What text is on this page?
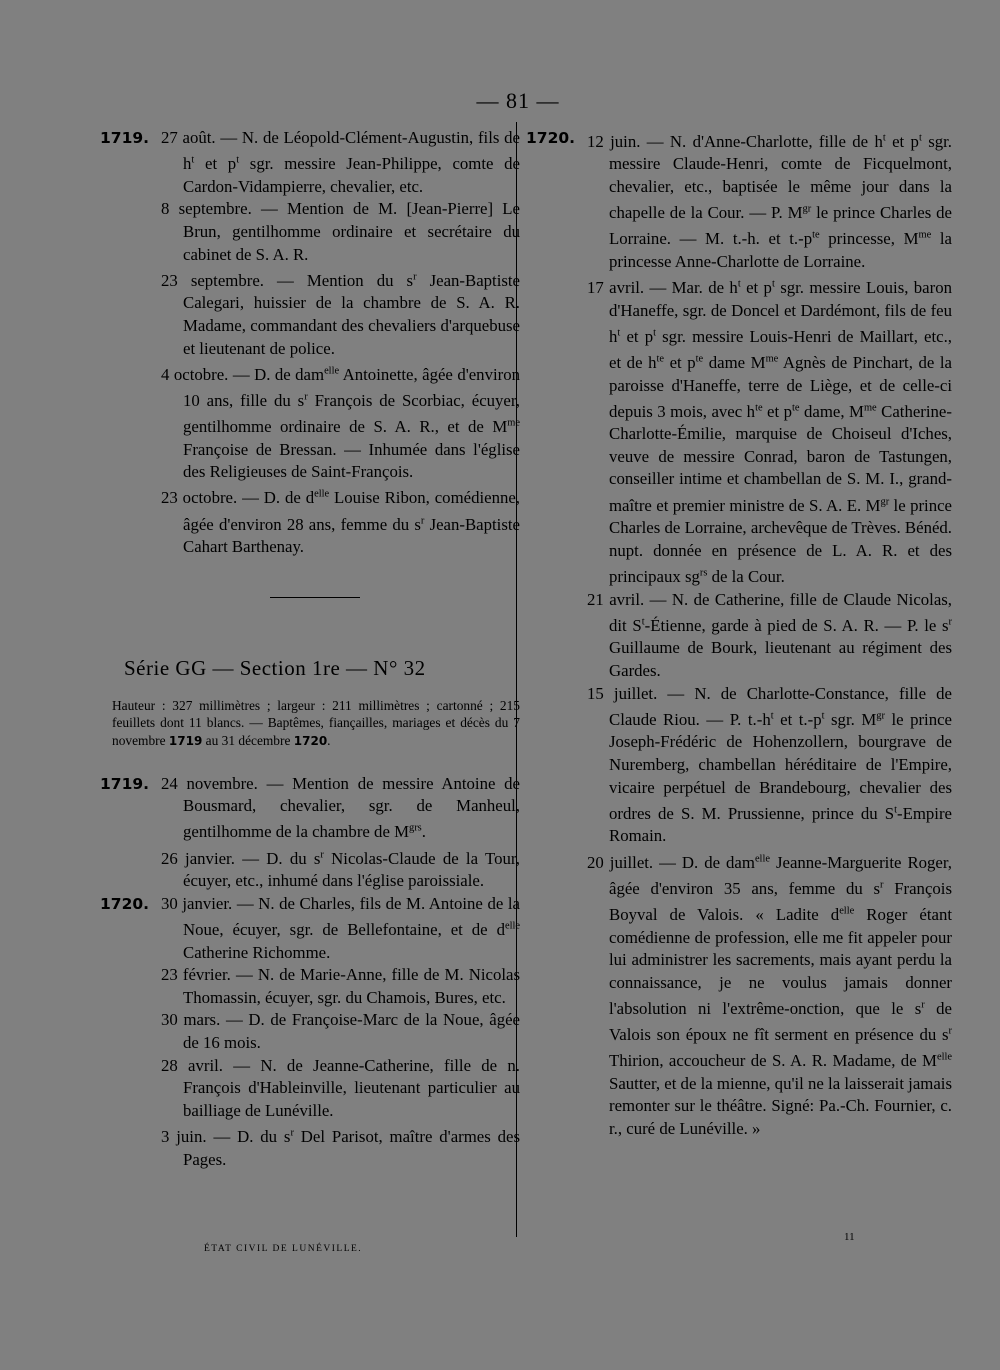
— 81 —
1719. 27 août. — N. de Léopold-Clément-Augustin, fils de $h^t$ et $p^t$ sgr. messire Jean-Philippe, comte de Cardon-Vidampierre, chevalier, etc.
8 septembre. — Mention de M. [Jean-Pierre] Le Brun, gentilhomme ordinaire et secrétaire du cabinet de S. A. R.
23 septembre. — Mention du $s^r$ Jean-Baptiste Calegari, huissier de la chambre de S. A. R. Madame, commandant des chevaliers d'arquebuse et lieutenant de police.
4 octobre. — D. de dam$^{elle}$ Antoinette, âgée d'environ 10 ans, fille du $s^r$ François de Scorbiac, écuyer, gentilhomme ordinaire de S. A. R., et de $M^{me}$ Françoise de Bressan. — Inhumée dans l'église des Religieuses de Saint-François.
23 octobre. — D. de $d^{elle}$ Louise Ribon, comédienne, âgée d'environ 28 ans, femme du $s^r$ Jean-Baptiste Cahart Barthenay.
Série GG — Section 1re — N° 32
Hauteur : 327 millimètres ; largeur : 211 millimètres ; cartonné ; 215 feuillets dont 11 blancs. — Baptêmes, fiançailles, mariages et décès du 7 novembre 1719 au 31 décembre 1720.
1719. 24 novembre. — Mention de messire Antoine de Bousmard, chevalier, sgr. de Manheul, gentilhomme de la chambre de $M^{grs}$.
26 janvier. — D. du $s^r$ Nicolas-Claude de la Tour, écuyer, etc., inhumé dans l'église paroissiale.
1720. 30 janvier. — N. de Charles, fils de M. Antoine de la Noue, écuyer, sgr. de Bellefontaine, et de $d^{elle}$ Catherine Richomme.
23 février. — N. de Marie-Anne, fille de M. Nicolas Thomassin, écuyer, sgr. du Chamois, Bures, etc.
30 mars. — D. de Françoise-Marc de la Noue, âgée de 16 mois.
28 avril. — N. de Jeanne-Catherine, fille de n. François d'Hableinville, lieutenant particulier au bailliage de Lunéville.
3 juin. — D. du $s^r$ Del Parisot, maître d'armes des Pages.
1720. 12 juin. — N. d'Anne-Charlotte, fille de $h^t$ et $p^t$ sgr. messire Claude-Henri, comte de Ficquelmont, chevalier, etc., baptisée le même jour dans la chapelle de la Cour. — P. $M^{gr}$ le prince Charles de Lorraine. — M. t.-h. et $t.-p^{te}$ princesse, $M^{me}$ la princesse Anne-Charlotte de Lorraine.
17 avril. — Mar. de $h^t$ et $p^t$ sgr. messire Louis, baron d'Haneffe, sgr. de Doncel et Dardémont, fils de feu $h^t$ et $p^t$ sgr. messire Louis-Henri de Maillart, etc., et de $h^{te}$ et $p^{te}$ dame $M^{me}$ Agnès de Pinchart, de la paroisse d'Haneffe, terre de Liège, et de celle-ci depuis 3 mois, avec $h^{te}$ et $p^{te}$ dame, $M^{me}$ Catherine-Charlotte-Émilie, marquise de Choiseul d'Iches, veuve de messire Conrad, baron de Tastungen, conseiller intime et chambellan de S. M. I., grand-maître et premier ministre de S. A. E. $M^{gr}$ le prince Charles de Lorraine, archevêque de Trèves. Bénéd. nupt. donnée en présence de L. A. R. et des principaux $sg^{rs}$ de la Cour.
21 avril. — N. de Catherine, fille de Claude Nicolas, dit $S^t$-Étienne, garde à pied de S. A. R. — P. le $s^r$ Guillaume de Bourk, lieutenant au régiment des Gardes.
15 juillet. — N. de Charlotte-Constance, fille de Claude Riou. — P. $t.-h^t$ et $t.-p^t$ sgr. $M^{gr}$ le prince Joseph-Frédéric de Hohenzollern, bourgrave de Nuremberg, chambellan héréditaire de l'Empire, vicaire perpétuel de Brandebourg, chevalier des ordres de S. M. Prussienne, prince du $S^t$-Empire Romain.
20 juillet. — D. de dam$^{elle}$ Jeanne-Marguerite Roger, âgée d'environ 35 ans, femme du $s^r$ François Boyval de Valois. « Ladite $d^{elle}$ Roger étant comédienne de profession, elle me fit appeler pour lui administrer les sacrements, mais ayant perdu la connaissance, je ne voulus jamais donner l'absolution ni l'extrême-onction, que le $s^r$ de Valois son époux ne fît serment en présence du $s^r$ Thirion, accoucheur de S. A. R. Madame, de $M^{elle}$ Sautter, et de la mienne, qu'il ne la laisserait jamais remonter sur le théâtre. Signé: Pa.-Ch. Fournier, c. r., curé de Lunéville. »
ÉTAT CIVIL DE LUNÉVILLE.
11
